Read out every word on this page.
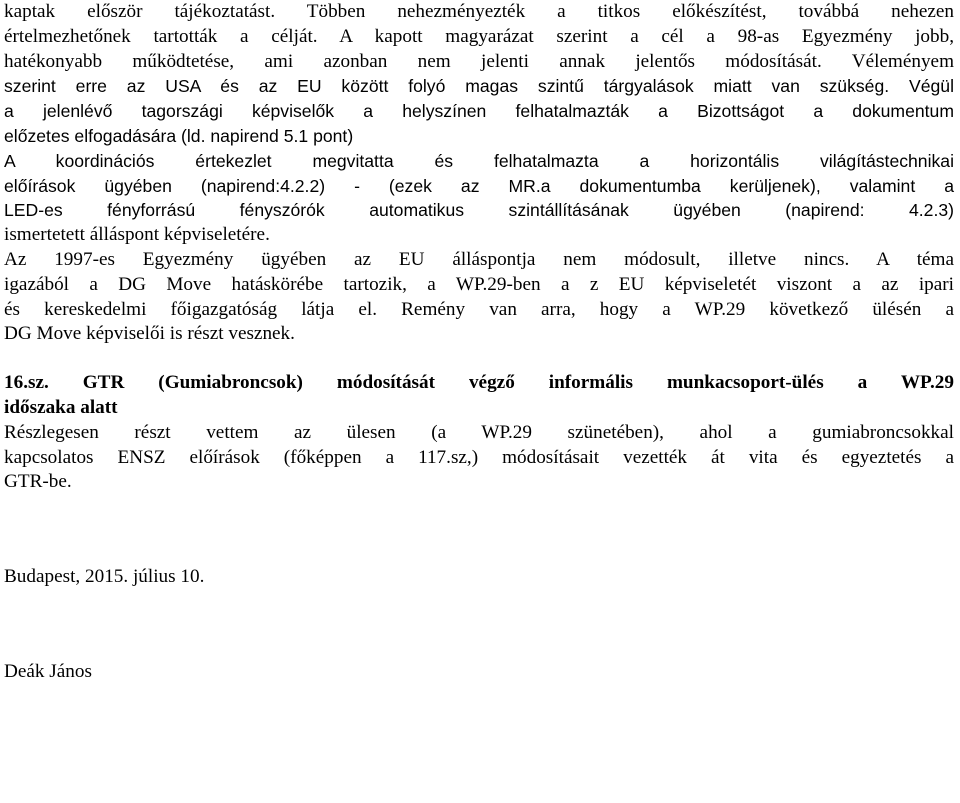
kaptak először tájékoztatást. Többen nehezményezték a titkos előkészítést, továbbá nehezen
értelmezhetőnek tartották a célját. A kapott magyarázat szerint a cél a 98-as Egyezmény jobb,
hatékonyabb működtetése, ami azonban nem jelenti annak jelentős módosítását. Véleményem
szerint erre az USA és az EU között folyó magas szintű tárgyalások miatt van szükség. Végül
a jelenlévő tagországi képviselők a helyszínen felhatalmazták a Bizottságot a dokumentum
előzetes elfogadására (ld. napirend 5.1 pont)
A koordinációs értekezlet megvitatta és felhatalmazta a horizontális világítástechnikai
előírások ügyében (napirend:4.2.2) - (ezek az MR.a dokumentumba kerüljenek), valamint a
LED-es fényforrású fényszórók automatikus szintállításának ügyében (napirend: 4.2.3)
ismertetett álláspont képviseletére.
Az 1997-es Egyezmény ügyében az EU álláspontja nem módosult, illetve nincs. A téma
igazából a DG Move hatáskörébe tartozik, a WP.29-ben a z EU képviseletét viszont a az ipari
és kereskedelmi főigazgatóság látja el. Remény van arra, hogy a WP.29 következő ülésén a
DG Move képviselői is részt vesznek.
16.sz. GTR (Gumiabroncsok) módosítását végző informális munkacsoport-ülés a WP.29
időszaka alatt
Részlegesen részt vettem az ülesen (a WP.29 szünetében), ahol a gumiabroncsokkal
kapcsolatos ENSZ előírások (főképpen a 117.sz,) módosításait vezették át vita és egyeztetés a
GTR-be.
Budapest, 2015. július 10.
Deák János
